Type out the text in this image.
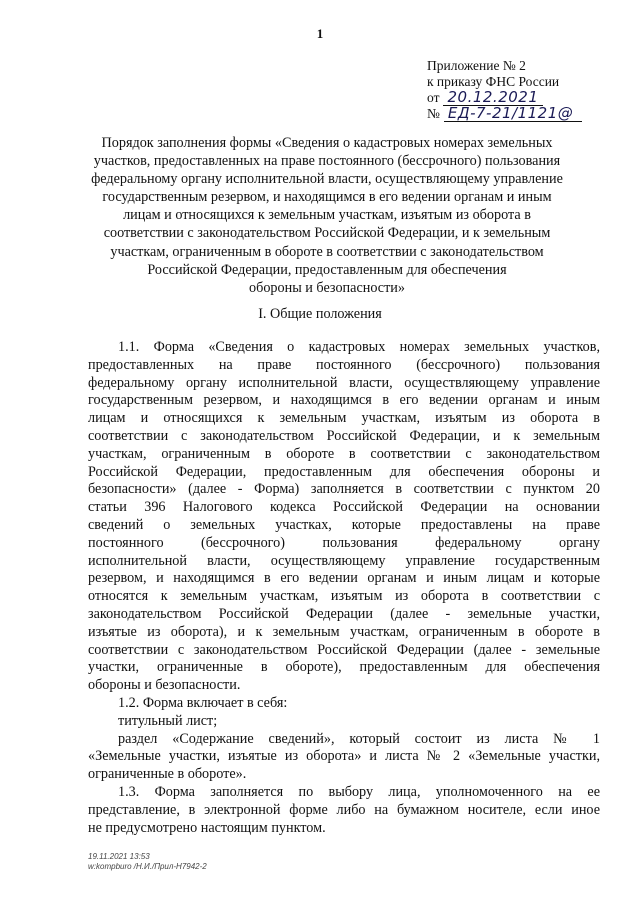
1
Приложение № 2
к приказу ФНС России
от 20.12.2021
№ ЕД-7-21/1121@
Порядок заполнения формы «Сведения о кадастровых номерах земельных
участков, предоставленных на праве постоянного (бессрочного) пользования
федеральному органу исполнительной власти, осуществляющему управление
государственным резервом, и находящимся в его ведении органам и иным
лицам и относящихся к земельным участкам, изъятым из оборота в
соответствии с законодательством Российской Федерации, и к земельным
участкам, ограниченным в обороте в соответствии с законодательством
Российской Федерации, предоставленным для обеспечения
обороны и безопасности»
I. Общие положения
1.1. Форма «Сведения о кадастровых номерах земельных участков,
предоставленных на праве постоянного (бессрочного) пользования
федеральному органу исполнительной власти, осуществляющему управление
государственным резервом, и находящимся в его ведении органам и иным
лицам и относящихся к земельным участкам, изъятым из оборота в
соответствии с законодательством Российской Федерации, и к земельным
участкам, ограниченным в обороте в соответствии с законодательством
Российской Федерации, предоставленным для обеспечения обороны и
безопасности» (далее - Форма) заполняется в соответствии с пунктом 20
статьи 396 Налогового кодекса Российской Федерации на основании
сведений о земельных участках, которые предоставлены на праве
постоянного (бессрочного) пользования федеральному органу
исполнительной власти, осуществляющему управление государственным
резервом, и находящимся в его ведении органам и иным лицам и которые
относятся к земельным участкам, изъятым из оборота в соответствии с
законодательством Российской Федерации (далее - земельные участки,
изъятые из оборота), и к земельным участкам, ограниченным в обороте в
соответствии с законодательством Российской Федерации (далее - земельные
участки, ограниченные в обороте), предоставленным для обеспечения
обороны и безопасности.
1.2. Форма включает в себя:
титульный лист;
раздел «Содержание сведений», который состоит из листа № 1
«Земельные участки, изъятые из оборота» и листа № 2 «Земельные участки,
ограниченные в обороте».
1.3. Форма заполняется по выбору лица, уполномоченного на ее
представление, в электронной форме либо на бумажном носителе, если иное
не предусмотрено настоящим пунктом.
19.11.2021 13:53
w:kompburo /Н.И./Прил-Н7942-2
